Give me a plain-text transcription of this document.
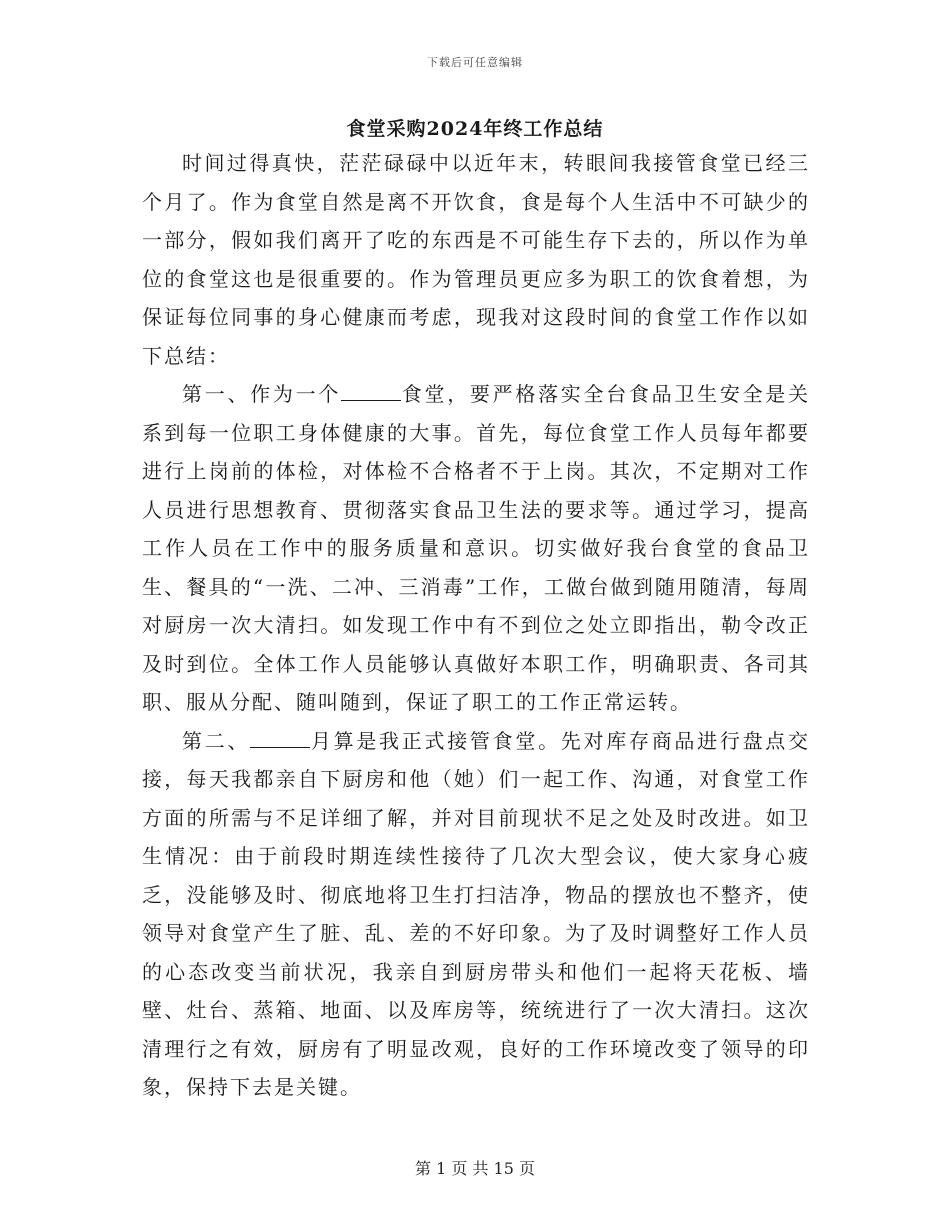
下载后可任意编辑
食堂采购2024年终工作总结

时间过得真快，茫茫碌碌中以近年末，转眼间我接管食堂已经三个月了。作为食堂自然是离不开饮食，食是每个人生活中不可缺少的一部分，假如我们离开了吃的东西是不可能生存下去的，所以作为单位的食堂这也是很重要的。作为管理员更应多为职工的饮食着想，为保证每位同事的身心健康而考虑，现我对这段时间的食堂工作作以如下总结：

第一、作为一个	食堂，要严格落实全台食品卫生安全是关系到每一位职工身体健康的大事。首先，每位食堂工作人员每年都要进行上岗前的体检，对体检不合格者不于上岗。其次，不定期对工作人员进行思想教育、贯彻落实食品卫生法的要求等。通过学习，提高工作人员在工作中的服务质量和意识。切实做好我台食堂的食品卫生、餐具的“一洗、二冲、三消毒”工作，工做台做到随用随清，每周对厨房一次大清扫。如发现工作中有不到位之处立即指出，勒令改正及时到位。全体工作人员能够认真做好本职工作，明确职责、各司其职、服从分配、随叫随到，保证了职工的工作正常运转。

第二、	月算是我正式接管食堂。先对库存商品进行盘点交接，每天我都亲自下厨房和他（她）们一起工作、沟通，对食堂工作方面的所需与不足详细了解，并对目前现状不足之处及时改进。如卫生情况：由于前段时期连续性接待了几次大型会议，使大家身心疲乏，没能够及时、彻底地将卫生打扫洁净，物品的摆放也不整齐，使领导对食堂产生了脏、乱、差的不好印象。为了及时调整好工作人员的心态改变当前状况，我亲自到厨房带头和他们一起将天花板、墙壁、灶台、蒸箱、地面、以及库房等，统统进行了一次大清扫。这次清理行之有效，厨房有了明显改观，良好的工作环境改变了领导的印象，保持下去是关键。

第 1 页 共 15 页
